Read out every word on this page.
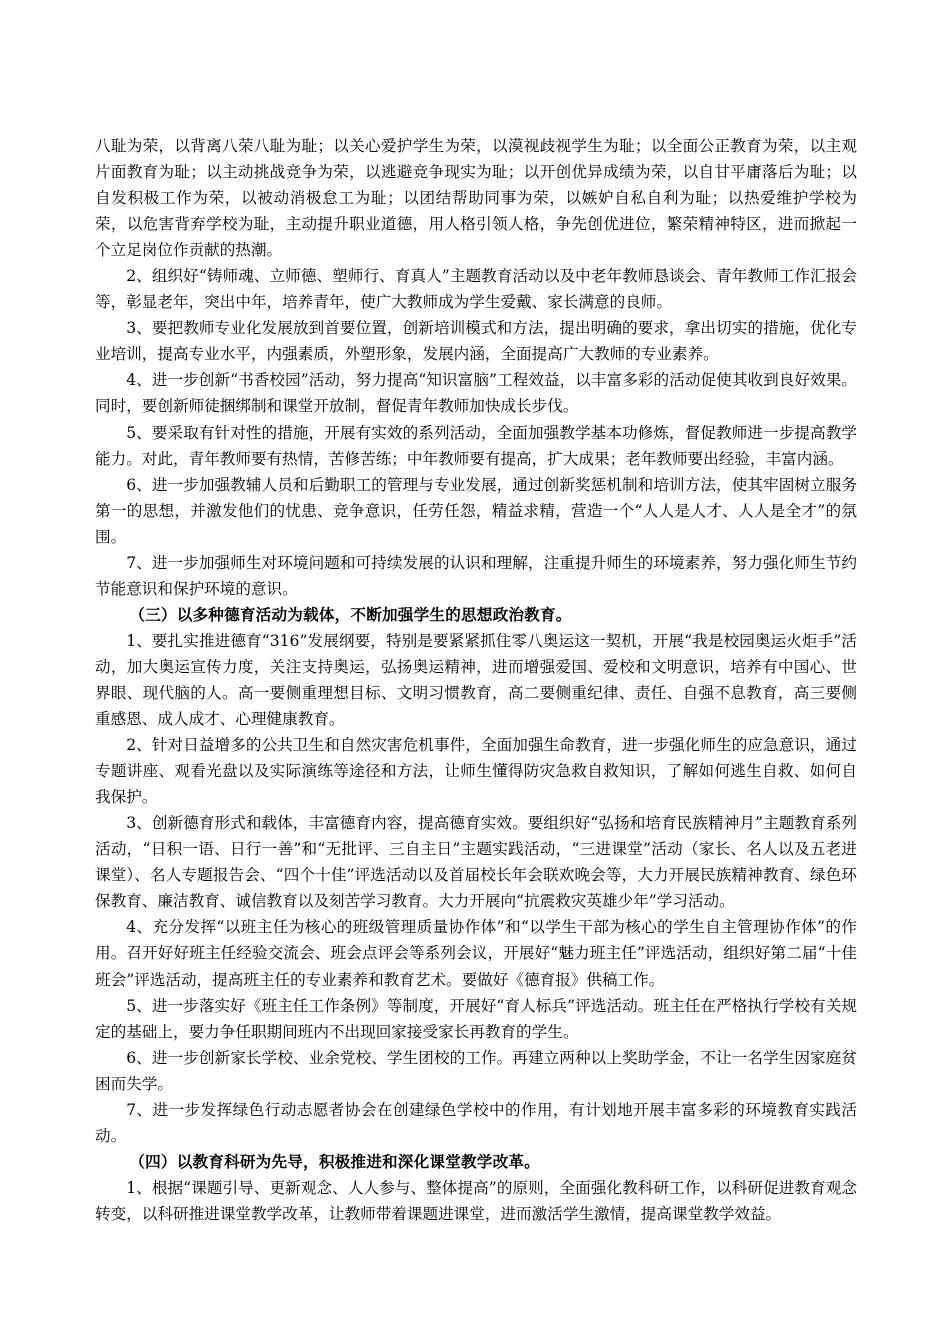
八耻为荣，以背离八荣八耻为耻；以关心爱护学生为荣，以漠视歧视学生为耻；以全面公正教育为荣，以主观片面教育为耻；以主动挑战竞争为荣，以逃避竞争现实为耻；以开创优异成绩为荣，以自甘平庸落后为耻；以自发积极工作为荣，以被动消极怠工为耻；以团结帮助同事为荣，以嫉妒自私自利为耻；以热爱维护学校为荣，以危害背弃学校为耻，主动提升职业道德，用人格引领人格，争先创优进位，繁荣精神特区，进而掀起一个立足岗位作贡献的热潮。

2、组织好“铸师魂、立师德、塑师行、育真人”主题教育活动以及中老年教师恳谈会、青年教师工作汇报会等，彰显老年，突出中年，培养青年，使广大教师成为学生爱戴、家长满意的良师。

3、要把教师专业化发展放到首要位置，创新培训模式和方法，提出明确的要求，拿出切实的措施，优化专业培训，提高专业水平，内强素质，外塑形象，发展内涵，全面提高广大教师的专业素养。

4、进一步创新“书香校园”活动，努力提高“知识富脑”工程效益，以丰富多彩的活动促使其收到良好效果。同时，要创新师徒捆绑制和课堂开放制，督促青年教师加快成长步伐。

5、要采取有针对性的措施，开展有实效的系列活动，全面加强教学基本功修炼，督促教师进一步提高教学能力。对此，青年教师要有热情，苦修苦练；中年教师要有提高，扩大成果；老年教师要出经验，丰富内涵。

6、进一步加强教辅人员和后勤职工的管理与专业发展，通过创新奖惩机制和培训方法，使其牢固树立服务第一的思想，并激发他们的忧患、竞争意识，任劳任怨，精益求精，营造一个“人人是人才、人人是全才”的氛围。

7、进一步加强师生对环境问题和可持续发展的认识和理解，注重提升师生的环境素养，努力强化师生节约节能意识和保护环境的意识。

（三）以多种德育活动为载体，不断加强学生的思想政治教育。

1、要扎实推进德育“316”发展纲要，特别是要紧紧抓住零八奥运这一契机，开展“我是校园奥运火炬手”活动，加大奥运宣传力度，关注支持奥运，弘扬奥运精神，进而增强爱国、爱校和文明意识，培养有中国心、世界眼、现代脑的人。高一要侧重理想目标、文明习惯教育，高二要侧重纪律、责任、自强不息教育，高三要侧重感恩、成人成才、心理健康教育。

2、针对日益增多的公共卫生和自然灾害危机事件，全面加强生命教育，进一步强化师生的应急意识，通过专题讲座、观看光盘以及实际演练等途径和方法，让师生懂得防灾急救自救知识，了解如何逃生自救、如何自我保护。

3、创新德育形式和载体，丰富德育内容，提高德育实效。要组织好“弘扬和培育民族精神月”主题教育系列活动，“日积一语、日行一善”和“无批评、三自主日”主题实践活动，“三进课堂”活动（家长、名人以及五老进课堂）、名人专题报告会、“四个十佳”评选活动以及首届校长年会联欢晚会等，大力开展民族精神教育、绿色环保教育、廉洁教育、诚信教育以及刻苦学习教育。大力开展向“抗震救灾英雄少年”学习活动。

4、充分发挥“以班主任为核心的班级管理质量协作体”和“以学生干部为核心的学生自主管理协作体”的作用。召开好好班主任经验交流会、班会点评会等系列会议，开展好“魅力班主任”评选活动，组织好第二届“十佳班会”评选活动，提高班主任的专业素养和教育艺术。要做好《德育报》供稿工作。

5、进一步落实好《班主任工作条例》等制度，开展好“育人标兵”评选活动。班主任在严格执行学校有关规定的基础上，要力争任职期间班内不出现回家接受家长再教育的学生。

6、进一步创新家长学校、业余党校、学生团校的工作。再建立两种以上奖助学金，不让一名学生因家庭贫困而失学。

7、进一步发挥绿色行动志愿者协会在创建绿色学校中的作用，有计划地开展丰富多彩的环境教育实践活动。

（四）以教育科研为先导，积极推进和深化课堂教学改革。

1、根据“课题引导、更新观念、人人参与、整体提高”的原则，全面强化教科研工作，以科研促进教育观念转变，以科研推进课堂教学改革，让教师带着课题进课堂，进而激活学生激情，提高课堂教学效益。
